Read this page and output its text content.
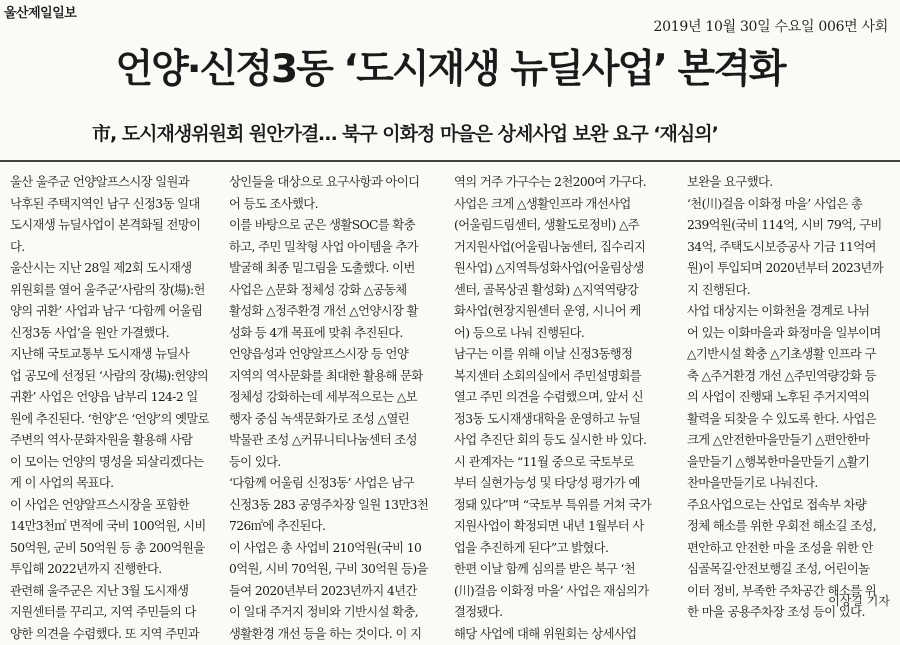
울산제일일보
2019년 10월 30일 수요일 006면 사회
언양·신정3동 ‘도시재생 뉴딜사업’ 본격화
市, 도시재생위원회 원안가결… 북구 이화정 마을은 상세사업 보완 요구 ‘재심의’
울산 울주군 언양알프스시장 일원과
낙후된 주택지역인 남구 신정3동 일대
도시재생 뉴딜사업이 본격화될 전망이
다.
울산시는 지난 28일 제2회 도시재생
위원회를 열어 울주군‘사람의 장(場):헌
양의 귀환’ 사업과 남구 ‘다함께 어울림
신정3동 사업’을 원안 가결했다.
지난해 국토교통부 도시재생 뉴딜사
업 공모에 선정된 ‘사람의 장(場):헌양의
귀환’ 사업은 언양읍 남부리 124-2 일
원에 추진된다. ‘헌양’은 ‘언양’의 옛말로
주변의 역사·문화자원을 활용해 사람
이 모이는 언양의 명성을 되살리겠다는
게 이 사업의 목표다.
이 사업은 언양알프스시장을 포함한
14만3천㎡ 면적에 국비 100억원, 시비
50억원, 군비 50억원 등 총 200억원을
투입해 2022년까지 진행한다.
관련해 울주군은 지난 3월 도시재생
지원센터를 꾸리고, 지역 주민들의 다
양한 의견을 수렴했다. 또 지역 주민과
상인들을 대상으로 요구사항과 아이디
어 등도 조사했다.
이를 바탕으로 군은 생활SOC를 확충
하고, 주민 밀착형 사업 아이템을 추가
발굴해 최종 밑그림을 도출했다. 이번
사업은 △문화 정체성 강화 △공동체
활성화 △정주환경 개선 △언양시장 활
성화 등 4개 목표에 맞춰 추진된다.
언양읍성과 언양알프스시장 등 언양
지역의 역사문화를 최대한 활용해 문화
정체성 강화하는데 세부적으로는 △보
행자 중심 녹색문화가로 조성 △열린
박물관 조성 △커뮤니티나눔센터 조성
등이 있다.
‘다함께 어울림 신정3동’ 사업은 남구
신정3동 283 공영주차장 일원 13만3천
726㎡에 추진된다.
이 사업은 총 사업비 210억원(국비 10
0억원, 시비 70억원, 구비 30억원 등)을
들여 2020년부터 2023년까지 4년간
이 일대 주거지 정비와 기반시설 확충,
생활환경 개선 등을 하는 것이다. 이 지
역의 거주 가구수는 2천200여 가구다.
사업은 크게 △생활인프라 개선사업
(어울림드림센터, 생활도로정비) △주
거지원사업(어울림나눔센터, 집수리지
원사업) △지역특성화사업(어울림상생
센터, 골목상권 활성화) △지역역량강
화사업(현장지원센터 운영, 시니어 케
어) 등으로 나눠 진행된다.
남구는 이를 위해 이날 신정3동행정
복지센터 소회의실에서 주민설명회를
열고 주민 의견을 수렴했으며, 앞서 신
정3동 도시재생대학을 운영하고 뉴딜
사업 추진단 회의 등도 실시한 바 있다.
시 관계자는 “11월 중으로 국토부로
부터 실현가능성 및 타당성 평가가 예
정돼 있다”며 “국토부 특위를 거쳐 국가
지원사업이 확정되면 내년 1월부터 사
업을 추진하게 된다”고 밝혔다.
한편 이날 함께 심의를 받은 북구 ‘천
(川)걸음 이화정 마을’ 사업은 재심의가
결정됐다.
해당 사업에 대해 위원회는 상세사업
보완을 요구했다.
‘천(川)걸음 이화정 마을’ 사업은 총
239억원(국비 114억, 시비 79억, 구비
34억, 주택도시보증공사 기금 11억여
원)이 투입되며 2020년부터 2023년까
지 진행된다.
사업 대상지는 이화천을 경계로 나뉘
어 있는 이화마을과 화정마을 일부이며
△기반시설 확충 △기초생활 인프라 구
축 △주거환경 개선 △주민역량강화 등
의 사업이 진행돼 노후된 주거지역의
활력을 되찾을 수 있도록 한다. 사업은
크게 △안전한마을만들기 △편안한마
을만들기 △행복한마을만들기 △활기
찬마을만들기로 나눠진다.
주요사업으로는 산업로 접속부 차량
정체 해소를 위한 우회전 해소길 조성,
편안하고 안전한 마을 조성을 위한 안
심골목길·안전보행길 조성, 어린이놀
이터 정비, 부족한 주차공간 해소를 위
한 마을 공용주차장 조성 등이 있다.
이상길 기자
